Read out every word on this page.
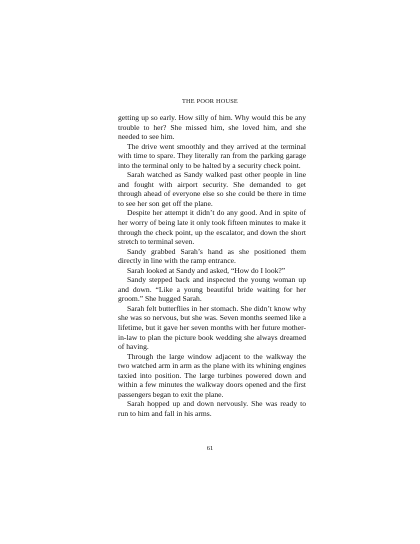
THE POOR HOUSE

getting up so early. How silly of him. Why would this be any trouble to her? She missed him, she loved him, and she needed to see him.

The drive went smoothly and they arrived at the terminal with time to spare. They literally ran from the parking garage into the terminal only to be halted by a security check point.

Sarah watched as Sandy walked past other people in line and fought with airport security. She demanded to get through ahead of everyone else so she could be there in time to see her son get off the plane.

Despite her attempt it didn’t do any good. And in spite of her worry of being late it only took fifteen minutes to make it through the check point, up the escalator, and down the short stretch to terminal seven.

Sandy grabbed Sarah’s hand as she positioned them directly in line with the ramp entrance.

Sarah looked at Sandy and asked, “How do I look?”

Sandy stepped back and inspected the young woman up and down. “Like a young beautiful bride waiting for her groom.” She hugged Sarah.

Sarah felt butterflies in her stomach. She didn’t know why she was so nervous, but she was. Seven months seemed like a lifetime, but it gave her seven months with her future mother-in-law to plan the picture book wedding she always dreamed of having.

Through the large window adjacent to the walkway the two watched arm in arm as the plane with its whining engines taxied into position. The large turbines powered down and within a few minutes the walkway doors opened and the first passengers began to exit the plane.

Sarah hopped up and down nervously. She was ready to run to him and fall in his arms.

61
